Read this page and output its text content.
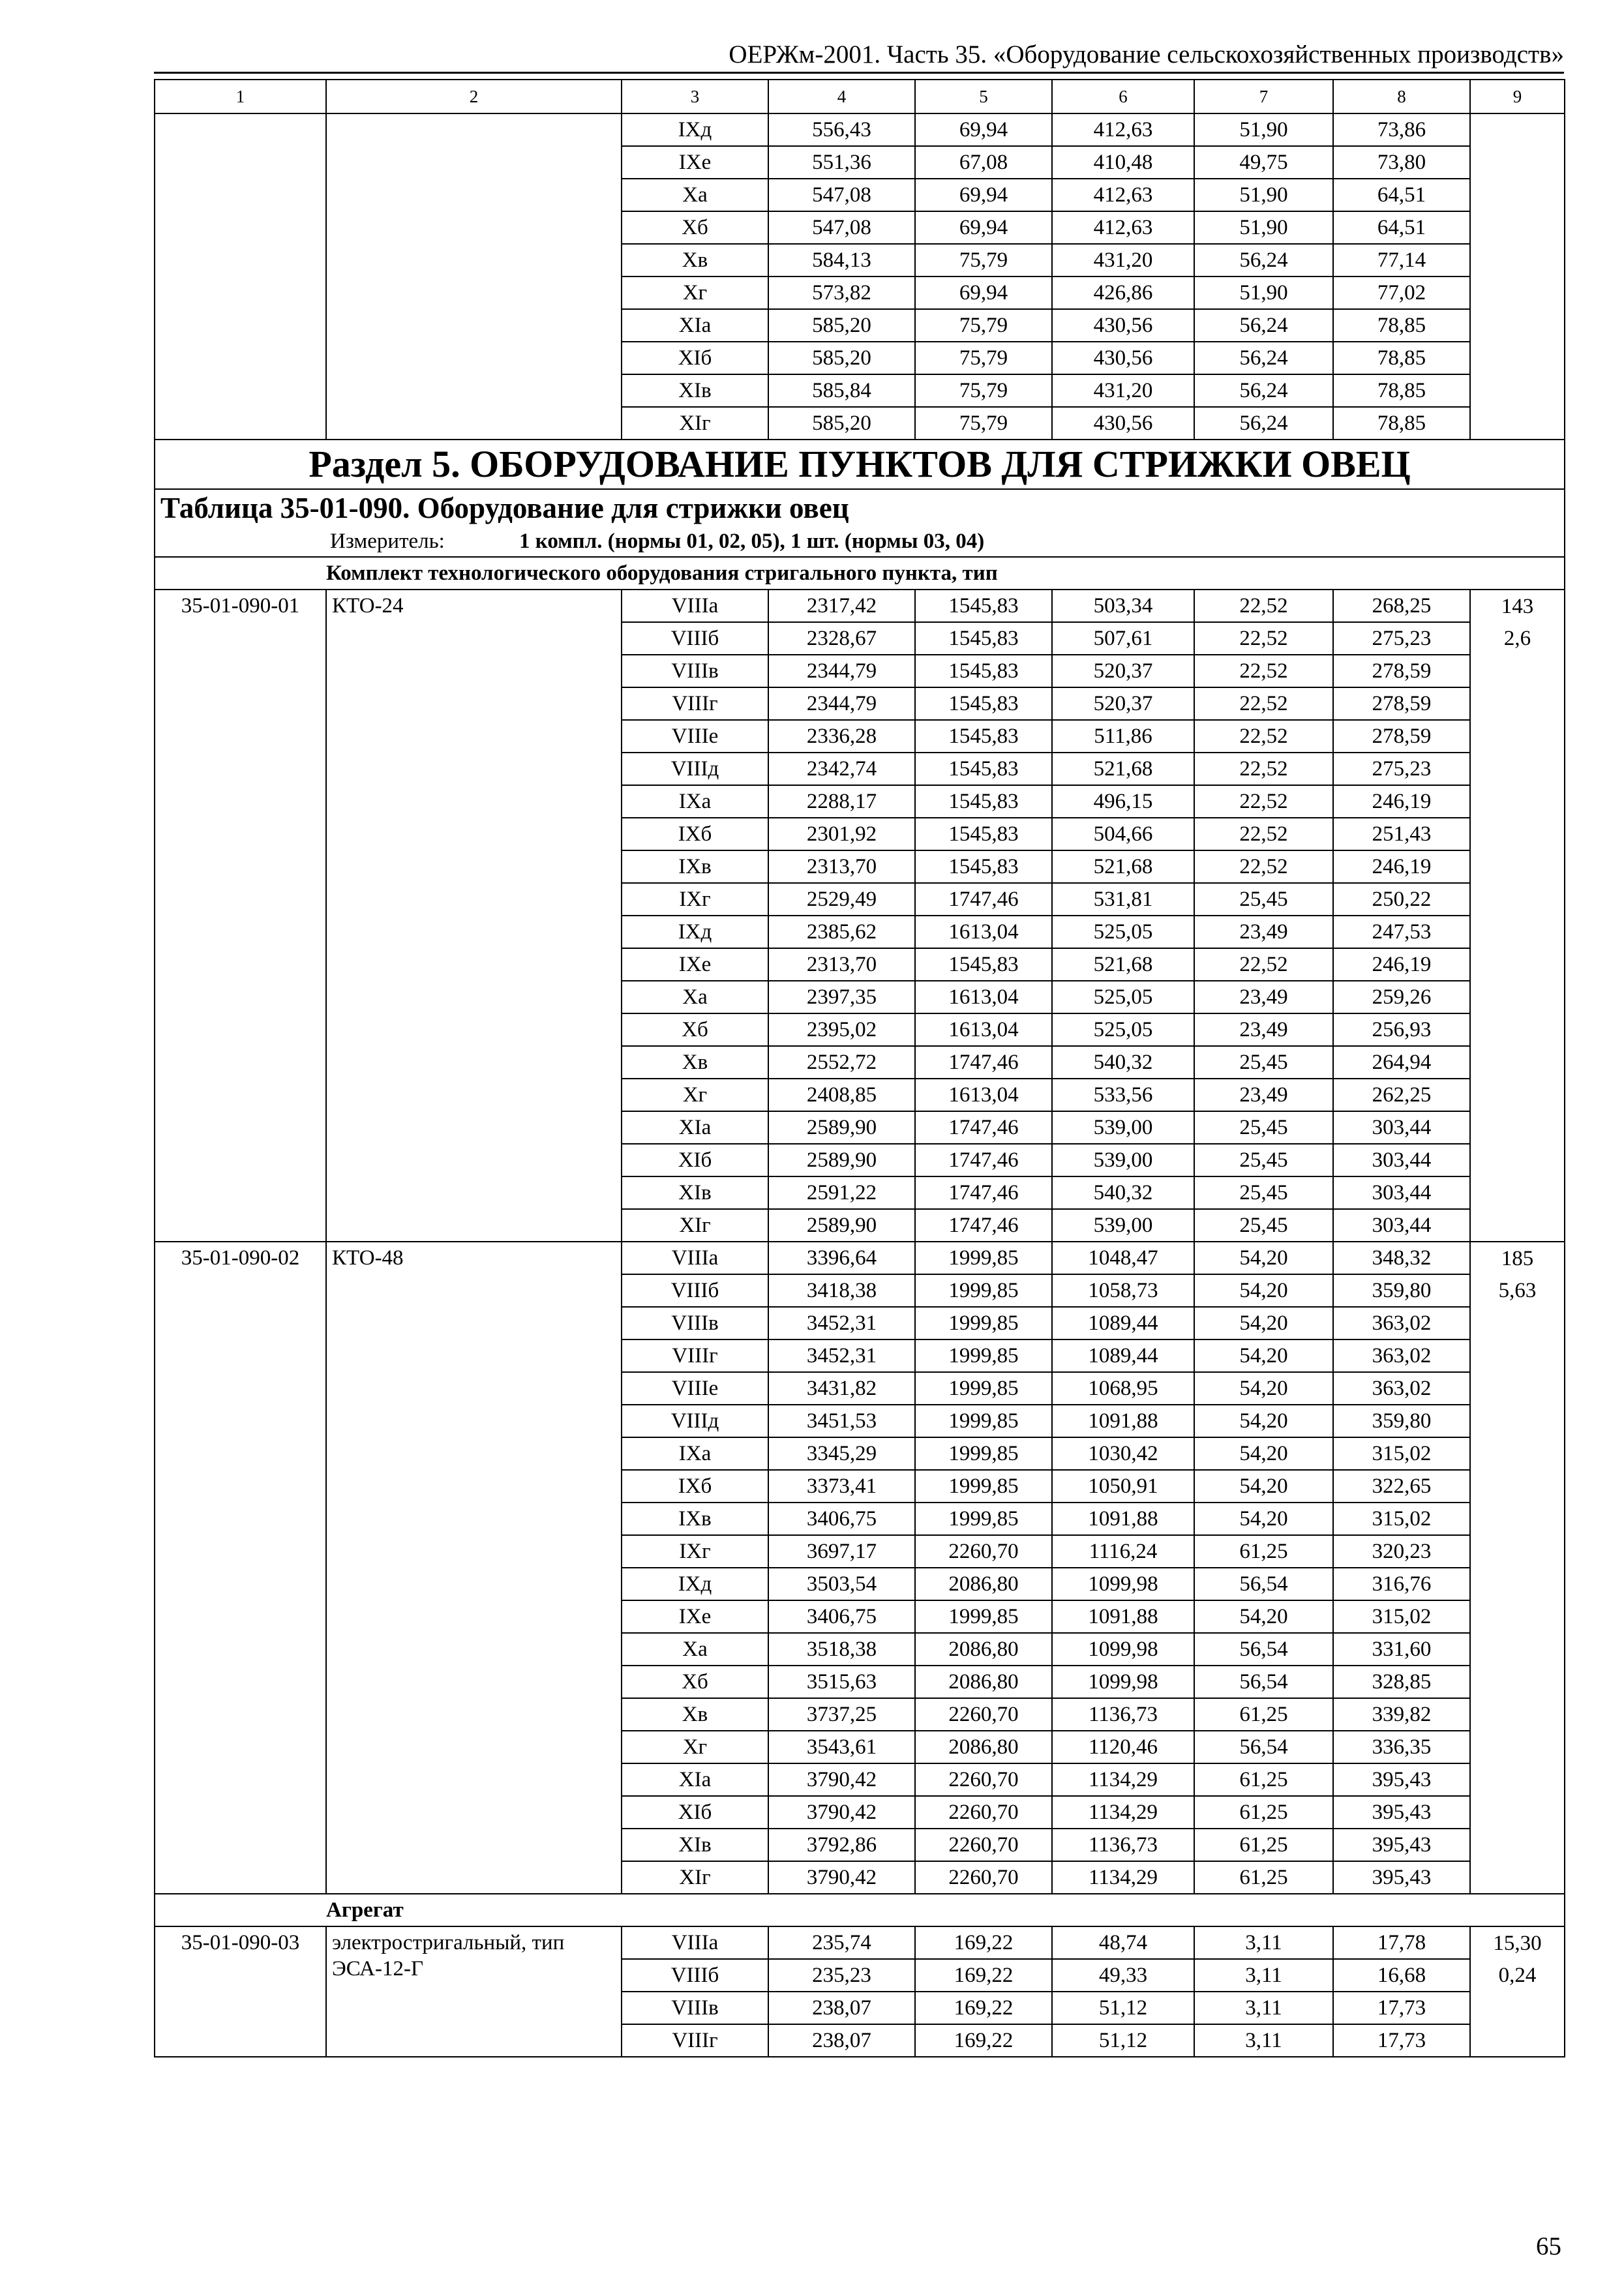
ОЕРЖм-2001. Часть 35. «Оборудование сельскохозяйственных производств»
1	2	3	4	5	6	7	8	9
		IXд	556,43	69,94	412,63	51,90	73,86	
		IXе	551,36	67,08	410,48	49,75	73,80	
		Xа	547,08	69,94	412,63	51,90	64,51	
		Xб	547,08	69,94	412,63	51,90	64,51	
		Xв	584,13	75,79	431,20	56,24	77,14	
		Xг	573,82	69,94	426,86	51,90	77,02	
		XIа	585,20	75,79	430,56	56,24	78,85	
		XIб	585,20	75,79	430,56	56,24	78,85	
		XIв	585,84	75,79	431,20	56,24	78,85	
		XIг	585,20	75,79	430,56	56,24	78,85	
Раздел 5. ОБОРУДОВАНИЕ ПУНКТОВ ДЛЯ СТРИЖКИ ОВЕЦ								
Таблица 35-01-090. Оборудование для стрижки овец								
Измеритель: 1 компл. (нормы 01, 02, 05), 1 шт. (нормы 03, 04)								
Комплект технологического оборудования стригального пункта, тип								
35-01-090-01	КТО-24	VIIIа	2317,42	1545,83	503,34	22,52	268,25	143
		VIIIб	2328,67	1545,83	507,61	22,52	275,23	2,6
		VIIIв	2344,79	1545,83	520,37	22,52	278,59	
		VIIIг	2344,79	1545,83	520,37	22,52	278,59	
		VIIIе	2336,28	1545,83	511,86	22,52	278,59	
		VIIIд	2342,74	1545,83	521,68	22,52	275,23	
		IXа	2288,17	1545,83	496,15	22,52	246,19	
		IXб	2301,92	1545,83	504,66	22,52	251,43	
		IXв	2313,70	1545,83	521,68	22,52	246,19	
		IXг	2529,49	1747,46	531,81	25,45	250,22	
		IXд	2385,62	1613,04	525,05	23,49	247,53	
		IXе	2313,70	1545,83	521,68	22,52	246,19	
		Xа	2397,35	1613,04	525,05	23,49	259,26	
		Xб	2395,02	1613,04	525,05	23,49	256,93	
		Xв	2552,72	1747,46	540,32	25,45	264,94	
		Xг	2408,85	1613,04	533,56	23,49	262,25	
		XIа	2589,90	1747,46	539,00	25,45	303,44	
		XIб	2589,90	1747,46	539,00	25,45	303,44	
		XIв	2591,22	1747,46	540,32	25,45	303,44	
		XIг	2589,90	1747,46	539,00	25,45	303,44	
35-01-090-02	КТО-48	VIIIа	3396,64	1999,85	1048,47	54,20	348,32	185
		VIIIб	3418,38	1999,85	1058,73	54,20	359,80	5,63
		VIIIв	3452,31	1999,85	1089,44	54,20	363,02	
		VIIIг	3452,31	1999,85	1089,44	54,20	363,02	
		VIIIе	3431,82	1999,85	1068,95	54,20	363,02	
		VIIIд	3451,53	1999,85	1091,88	54,20	359,80	
		IXа	3345,29	1999,85	1030,42	54,20	315,02	
		IXб	3373,41	1999,85	1050,91	54,20	322,65	
		IXв	3406,75	1999,85	1091,88	54,20	315,02	
		IXг	3697,17	2260,70	1116,24	61,25	320,23	
		IXд	3503,54	2086,80	1099,98	56,54	316,76	
		IXе	3406,75	1999,85	1091,88	54,20	315,02	
		Xа	3518,38	2086,80	1099,98	56,54	331,60	
		Xб	3515,63	2086,80	1099,98	56,54	328,85	
		Xв	3737,25	2260,70	1136,73	61,25	339,82	
		Xг	3543,61	2086,80	1120,46	56,54	336,35	
		XIа	3790,42	2260,70	1134,29	61,25	395,43	
		XIб	3790,42	2260,70	1134,29	61,25	395,43	
		XIв	3792,86	2260,70	1136,73	61,25	395,43	
		XIг	3790,42	2260,70	1134,29	61,25	395,43	
Агрегат								
35-01-090-03	электростригальный, тип ЭСА-12-Г	VIIIа	235,74	169,22	48,74	3,11	17,78	15,30
		VIIIб	235,23	169,22	49,33	3,11	16,68	0,24
		VIIIв	238,07	169,22	51,12	3,11	17,73	
		VIIIг	238,07	169,22	51,12	3,11	17,73	
65
